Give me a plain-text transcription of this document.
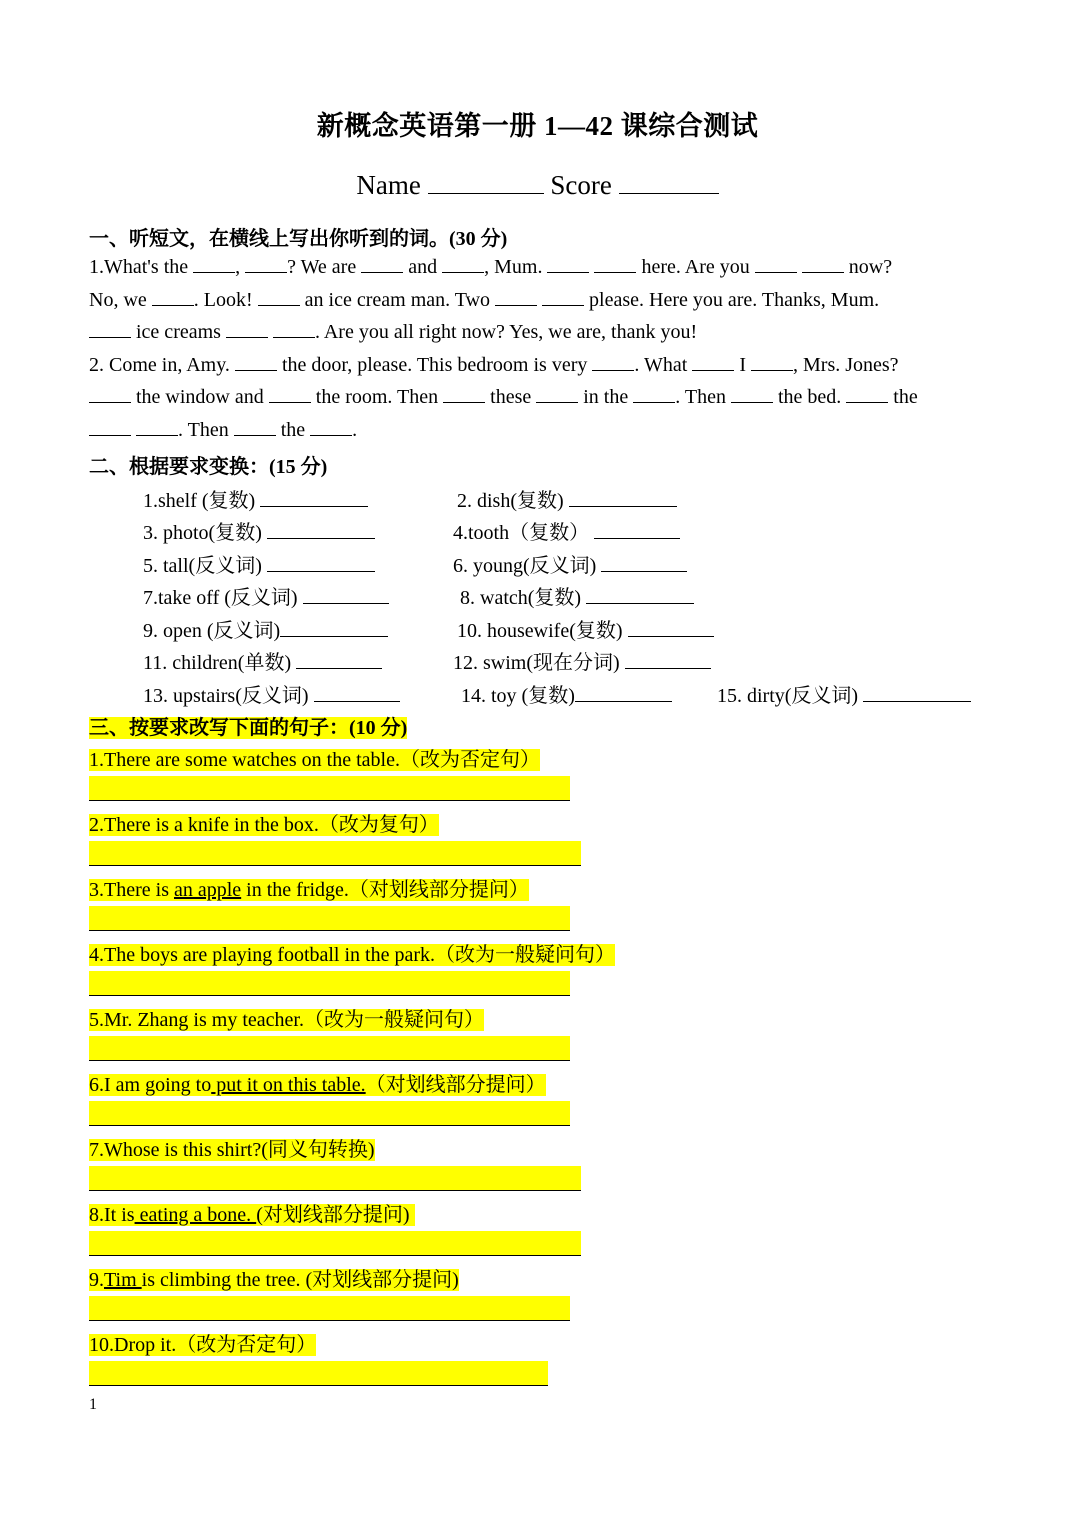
新概念英语第一册 1—42 课综合测试
Name	Score
一、听短文，在横线上写出你听到的词。(30 分)
1.What's the , ? We are	and , Mum.	here. Are you	now?
No, we . Look!	an ice cream man. Two	please. Here you are. Thanks, Mum.
ice creams	. Are you all right now? Yes, we are, thank you!
2. Come in, Amy.	the door, please. This bedroom is very . What	I , Mrs. Jones?
the window and	the room. Then	these	in the . Then	the bed.	the
. Then	the .
二、根据要求变换：(15 分)
1.shelf (复数)	2. dish(复数)
3. photo(复数)	4.tooth（复数）
5. tall(反义词)	6. young(反义词)
7.take off (反义词)	8. watch(复数)
9. open (反义词)	10. housewife(复数)
11. children(单数)	12. swim(现在分词)
13. upstairs(反义词)	14. toy (复数)	15. dirty(反义词)
三、按要求改写下面的句子：(10 分)
1.There are some watches on the table.（改为否定句）
2.There is a knife in the box.（改为复句）
3.There is an apple in the fridge.（对划线部分提问）
4.The boys are playing football in the park.（改为一般疑问句）
5.Mr. Zhang is my teacher.（改为一般疑问句）
6.I am going to put it on this table.（对划线部分提问）
7.Whose is this shirt?(同义句转换)
8.It is eating a bone. (对划线部分提问)
9.Tim is climbing the tree. (对划线部分提问)
10.Drop it.（改为否定句）
1
